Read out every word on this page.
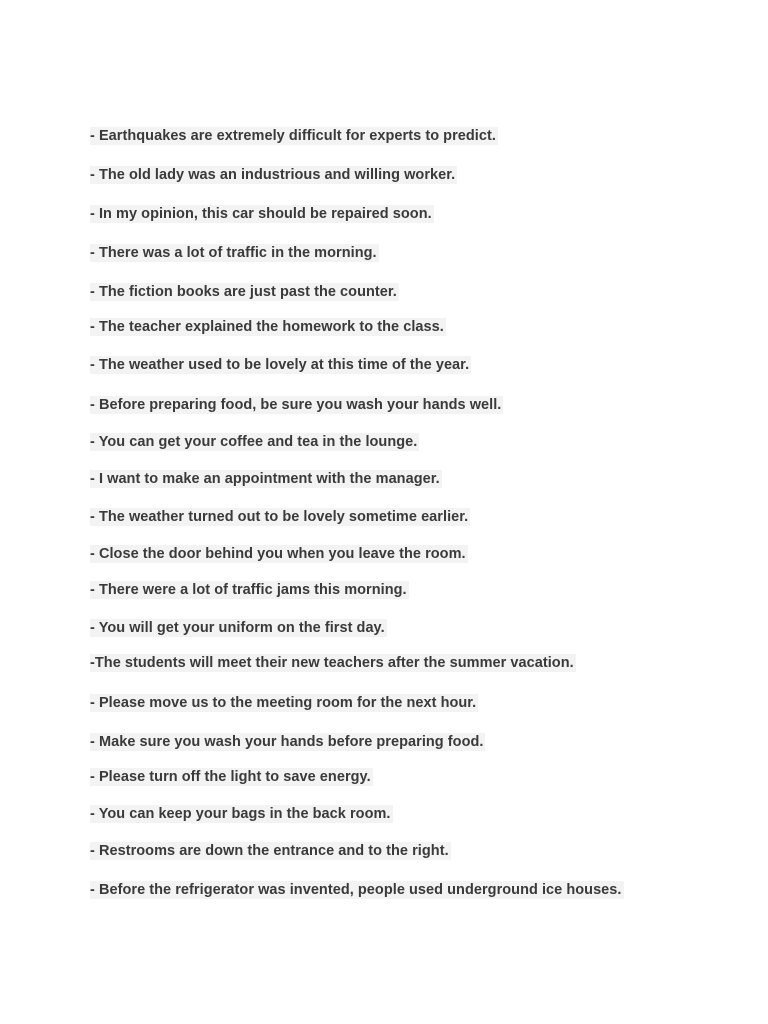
- Earthquakes are extremely difficult for experts to predict.
- The old lady was an industrious and willing worker.
- In my opinion, this car should be repaired soon.
- There was a lot of traffic in the morning.
- The fiction books are just past the counter.
- The teacher explained the homework to the class.
- The weather used to be lovely at this time of the year.
- Before preparing food, be sure you wash your hands well.
- You can get your coffee and tea in the lounge.
- I want to make an appointment with the manager.
- The weather turned out to be lovely sometime earlier.
- Close the door behind you when you leave the room.
- There were a lot of traffic jams this morning.
- You will get your uniform on the first day.
-The students will meet their new teachers after the summer vacation.
- Please move us to the meeting room for the next hour.
- Make sure you wash your hands before preparing food.
- Please turn off the light to save energy.
- You can keep your bags in the back room.
- Restrooms are down the entrance and to the right.
- Before the refrigerator was invented, people used underground ice houses.
